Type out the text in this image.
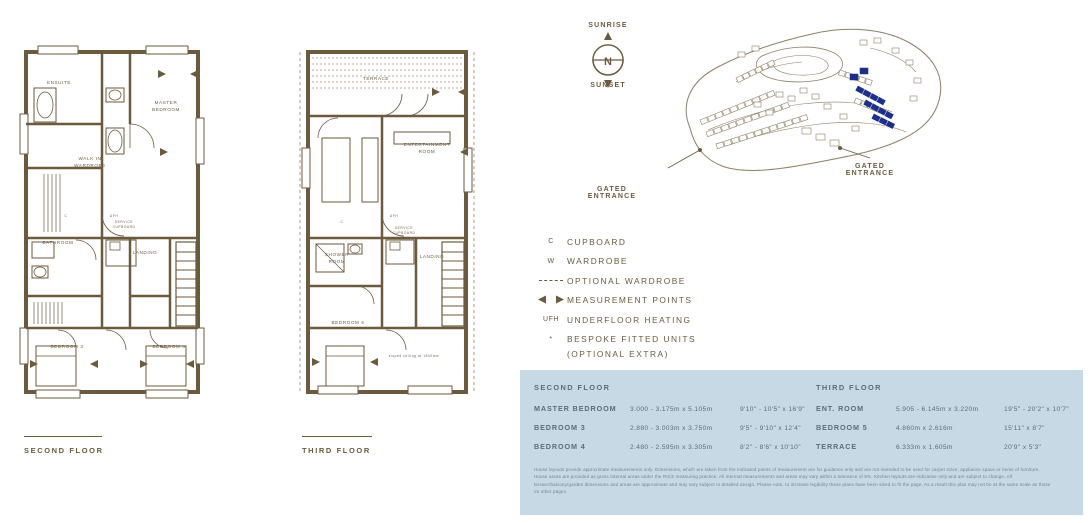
ENSUITE
MASTER
BEDROOM
WALK IN
WARDROBE
BATHROOM
LANDING
BEDROOM 3	BEDROOM 4
SERVICE
CUPBOARD
UFH
C
SECOND FLOOR
TERRACE
ENTERTAINMENT
ROOM
SHOWER
ROOM
LANDING
BEDROOM 5
SERVICE
CUPBOARD
UFH
C
sloped ceiling at 1800mm
THIRD FLOOR
N
SUNRISE
SUNSET
GATED
ENTRANCE
GATED
ENTRANCE
C	CUPBOARD
W	WARDROBE
OPTIONAL WARDROBE
MEASUREMENT POINTS
UFH UNDERFLOOR HEATING
*	BESPOKE FITTED UNITS
(OPTIONAL EXTRA)
SECOND FLOOR
MASTER BEDROOM	3.000 - 3.175m x 5.105m	9'10" - 10'5" x 16'9"
BEDROOM 3	2.880 - 3.003m x 3.750m	9'5" - 9'10" x 12'4"
BEDROOM 4	2.480 - 2.595m x 3.305m	8'2" - 8'6" x 10'10"
THIRD FLOOR
ENT. ROOM	5.905 - 6.145m x 3.220m	19'5" - 20'2" x 10'7"
BEDROOM 5	4.860m x 2.616m	15'11" x 8'7"
TERRACE	6.333m x 1.605m	20'9" x 5'3"
House layouts provide approximate measurements only. Dimensions, which are taken from the indicated points of measurement are for guidance only and are not intended to be used for carpet sizes, appliance space or items of furniture. House areas are provided as gross internal areas under the RICS measuring practice. All internal measurements and areas may vary within a tolerance of 5%. Kitchen layouts are indicative only and are subject to change. All terrace/balcony/garden dimensions and areas are approximate and may vary subject to detailed design. Please note, to increase legibility these plans have been sized to fit the page. As a result this plan may not be at the same scale as those on other pages.
